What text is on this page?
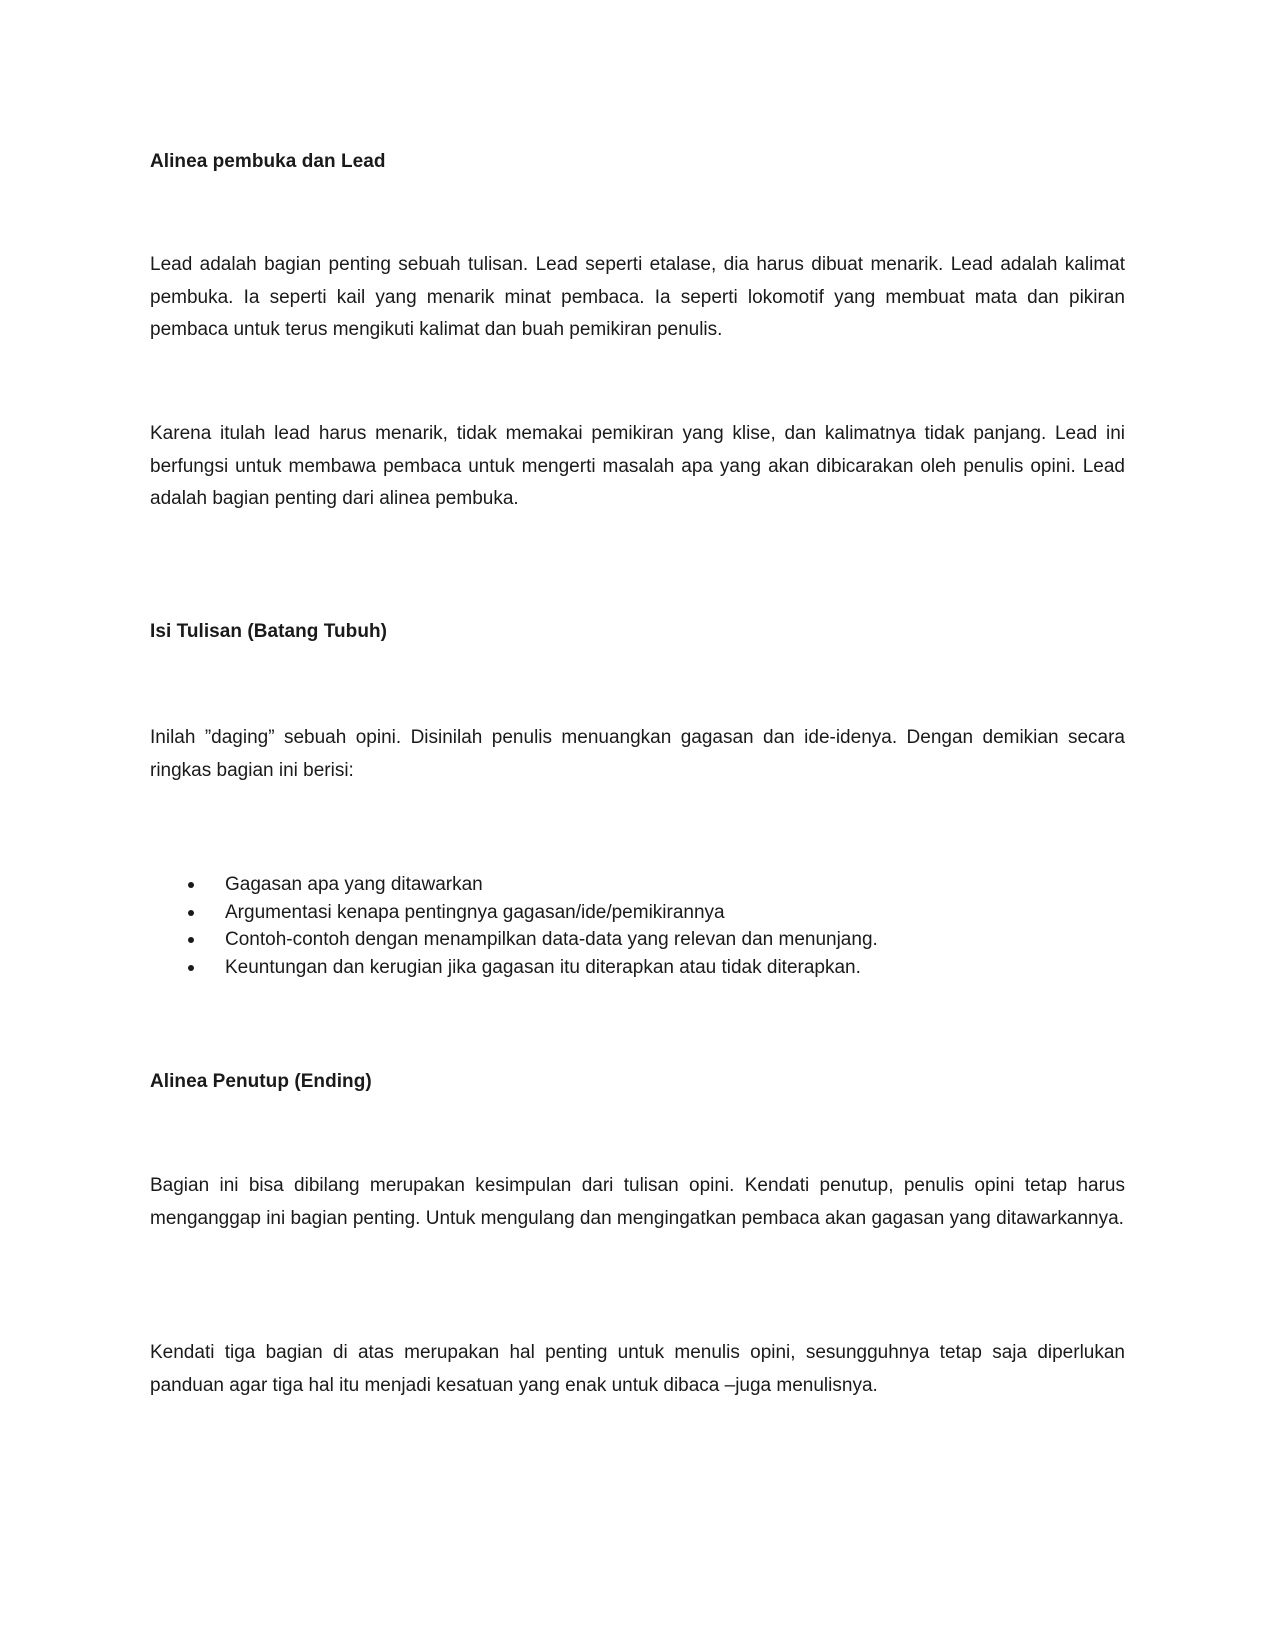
Alinea pembuka dan Lead

Lead adalah bagian penting sebuah tulisan. Lead seperti etalase, dia harus dibuat menarik. Lead adalah kalimat pembuka. Ia seperti kail yang menarik minat pembaca. Ia seperti lokomotif yang membuat mata dan pikiran pembaca untuk terus mengikuti kalimat dan buah pemikiran penulis.

Karena itulah lead harus menarik, tidak memakai pemikiran yang klise, dan kalimatnya tidak panjang. Lead ini berfungsi untuk membawa pembaca untuk mengerti masalah apa yang akan dibicarakan oleh penulis opini. Lead adalah bagian penting dari alinea pembuka.

Isi Tulisan (Batang Tubuh)

Inilah ”daging” sebuah opini. Disinilah penulis menuangkan gagasan dan ide-idenya. Dengan demikian secara ringkas bagian ini berisi:

Gagasan apa yang ditawarkan
Argumentasi kenapa pentingnya gagasan/ide/pemikirannya
Contoh-contoh dengan menampilkan data-data yang relevan dan menunjang.
Keuntungan dan kerugian jika gagasan itu diterapkan atau tidak diterapkan.

Alinea Penutup (Ending)

Bagian ini bisa dibilang merupakan kesimpulan dari tulisan opini. Kendati penutup, penulis opini tetap harus menganggap ini bagian penting. Untuk mengulang dan mengingatkan pembaca akan gagasan yang ditawarkannya.

Kendati tiga bagian di atas merupakan hal penting untuk menulis opini, sesungguhnya tetap saja diperlukan panduan agar tiga hal itu menjadi kesatuan yang enak untuk dibaca –juga menulisnya.
